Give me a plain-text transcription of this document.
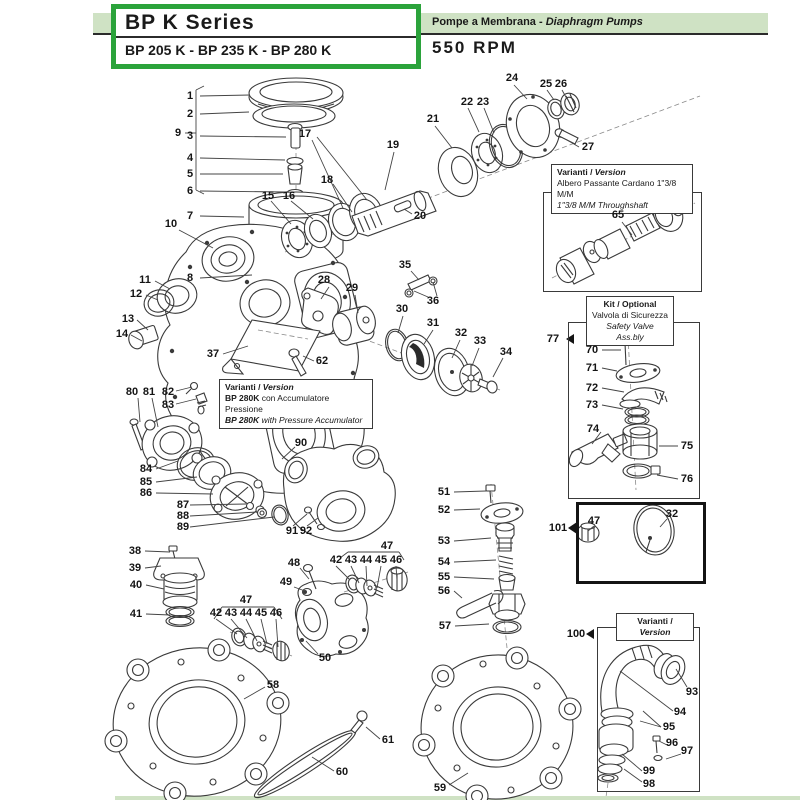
BP K Series
BP 205 K - BP 235 K - BP 280 K
Pompe a Membrana - Diaphragm Pumps
550 RPM
Varianti / Version
Albero Passante Cardano 1"3/8 M/M
1"3/8 M/M Throughshaft
Kit / Optional
Valvola di Sicurezza
Safety Valve Ass.bly
Varianti / Version
BP 280K con Accumulatore Pressione
BP 280K with Pressure Accumulator
Varianti / Version
1
2
3
4
5
6
7
8
9
10
11
12
13
14
15 16
17
18
19
20
21
22 23
24 25 26
27
28
29
30
31
32
33
34
35
36
37
62
38
39
40
41	42 43 44 45 46
47
48
49
42 43 44 45 46
47
50
58
51
52
53
54
55
56
57
59
60
61
65
70
71
72
73
74
75
76
77
80 81 82
83
84
85
86
87
88
89
90
91 92
93
94
95
96
97
98
99
100
101
47
32
